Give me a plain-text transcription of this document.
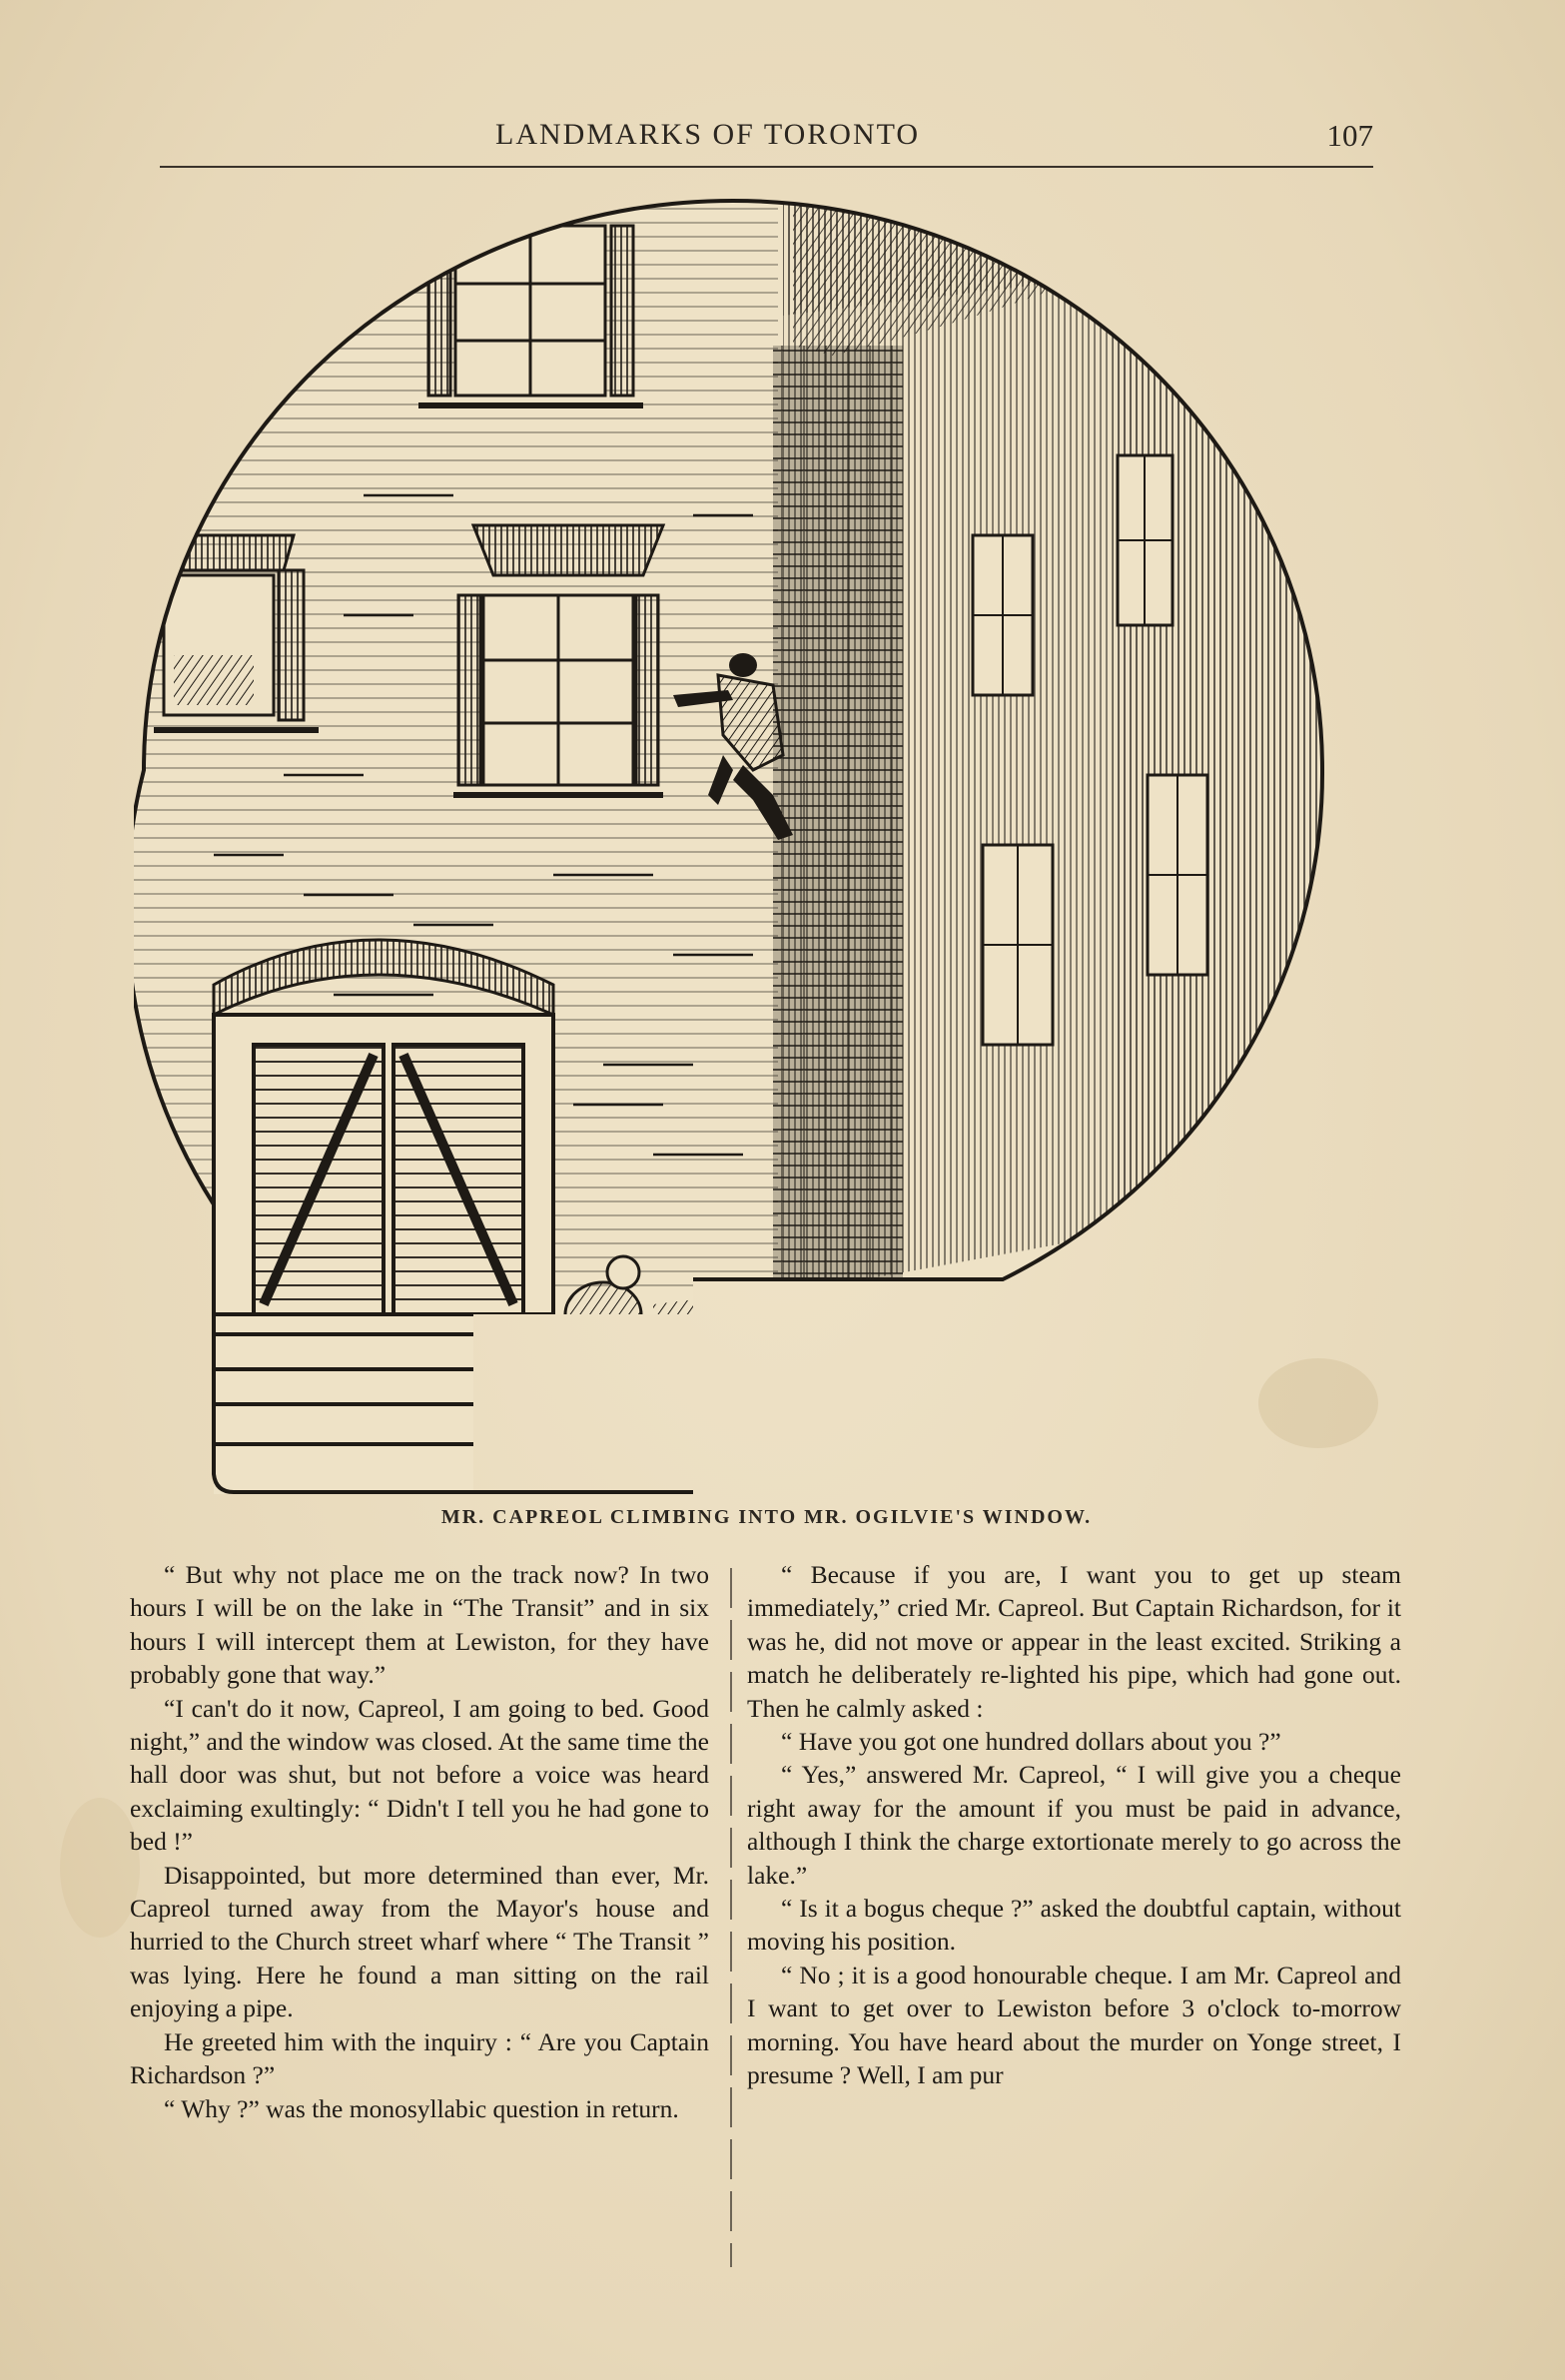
LANDMARKS OF TORONTO	107
MR. CAPREOL CLIMBING INTO MR. OGILVIE'S WINDOW.

“ But why not place me on the track now? In two hours I will be on the lake in “The Transit” and in six hours I will intercept them at Lewiston, for they have probably gone that way.”

“I can't do it now, Capreol, I am going to bed. Good night,” and the window was closed. At the same time the hall door was shut, but not before a voice was heard exclaiming exultingly: “ Didn't I tell you he had gone to bed !”

Disappointed, but more determined than ever, Mr. Capreol turned away from the Mayor's house and hurried to the Church street wharf where “ The Transit ” was lying. Here he found a man sitting on the rail enjoying a pipe.

He greeted him with the inquiry : “ Are you Captain Richardson ?”

“ Why ?” was the monosyllabic question in return.

“ Because if you are, I want you to get up steam immediately,” cried Mr. Capreol. But Captain Richardson, for it was he, did not move or appear in the least excited. Striking a match he deliberately re-lighted his pipe, which had gone out. Then he calmly asked :

“ Have you got one hundred dollars about you ?”

“ Yes,” answered Mr. Capreol, “ I will give you a cheque right away for the amount if you must be paid in advance, although I think the charge extortionate merely to go across the lake.”

“ Is it a bogus cheque ?” asked the doubtful captain, without moving his position.

“ No ; it is a good honourable cheque. I am Mr. Capreol and I want to get over to Lewiston before 3 o'clock to-morrow morning. You have heard about the murder on Yonge street, I presume ? Well, I am pur
